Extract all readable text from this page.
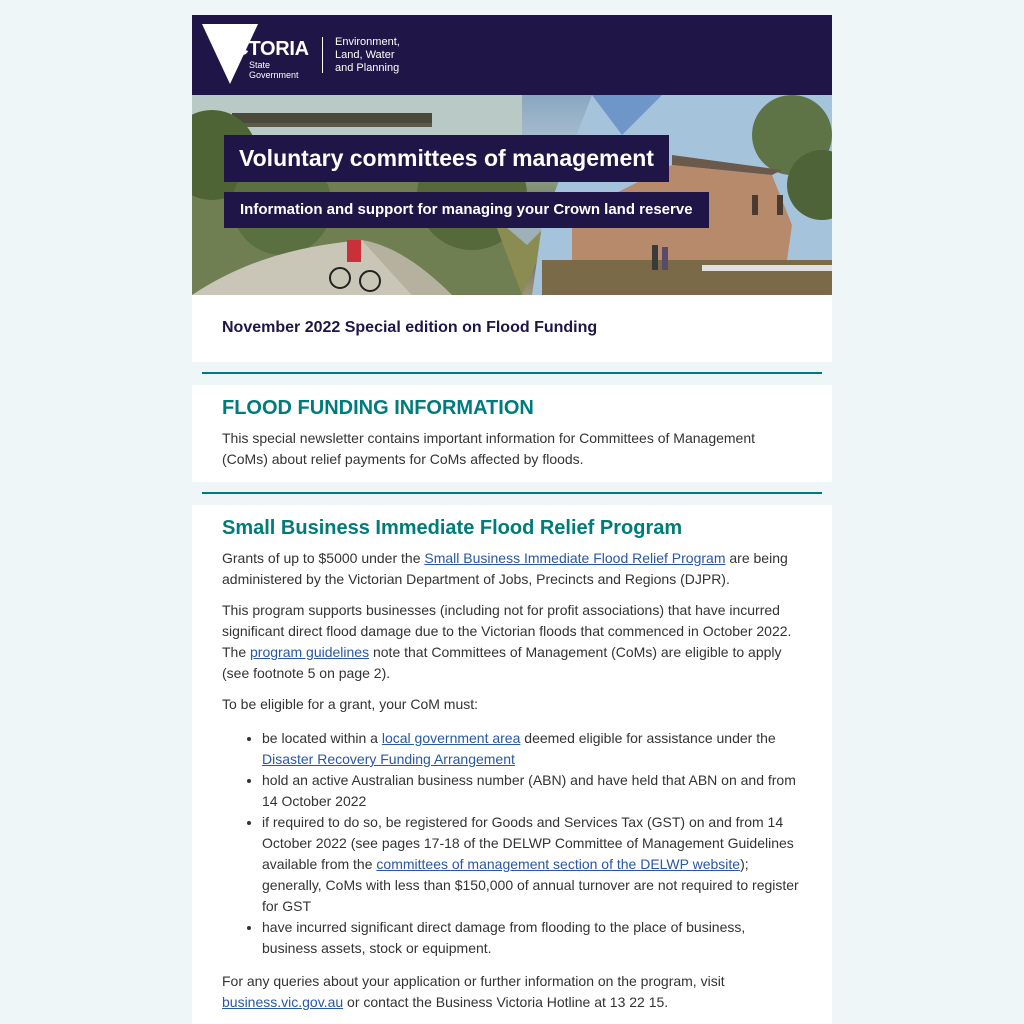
VICTORIA
State
Government
Environment,
Land, Water
and Planning
Voluntary committees of management
Information and support for managing your Crown land reserve
November 2022 Special edition on Flood Funding
FLOOD FUNDING INFORMATION

This special newsletter contains important information for Committees of Management (CoMs) about relief payments for CoMs affected by floods.

Small Business Immediate Flood Relief Program

Grants of up to $5000 under the Small Business Immediate Flood Relief Program are being administered by the Victorian Department of Jobs, Precincts and Regions (DJPR).

This program supports businesses (including not for profit associations) that have incurred significant direct flood damage due to the Victorian floods that commenced in October 2022. The program guidelines note that Committees of Management (CoMs) are eligible to apply (see footnote 5 on page 2).

To be eligible for a grant, your CoM must:

• be located within a local government area deemed eligible for assistance under the Disaster Recovery Funding Arrangement
• hold an active Australian business number (ABN) and have held that ABN on and from 14 October 2022
• if required to do so, be registered for Goods and Services Tax (GST) on and from 14 October 2022 (see pages 17-18 of the DELWP Committee of Management Guidelines available from the committees of management section of the DELWP website); generally, CoMs with less than $150,000 of annual turnover are not required to register for GST
• have incurred significant direct damage from flooding to the place of business, business assets, stock or equipment.

For any queries about your application or further information on the program, visit business.vic.gov.au or contact the Business Victoria Hotline at 13 22 15.
